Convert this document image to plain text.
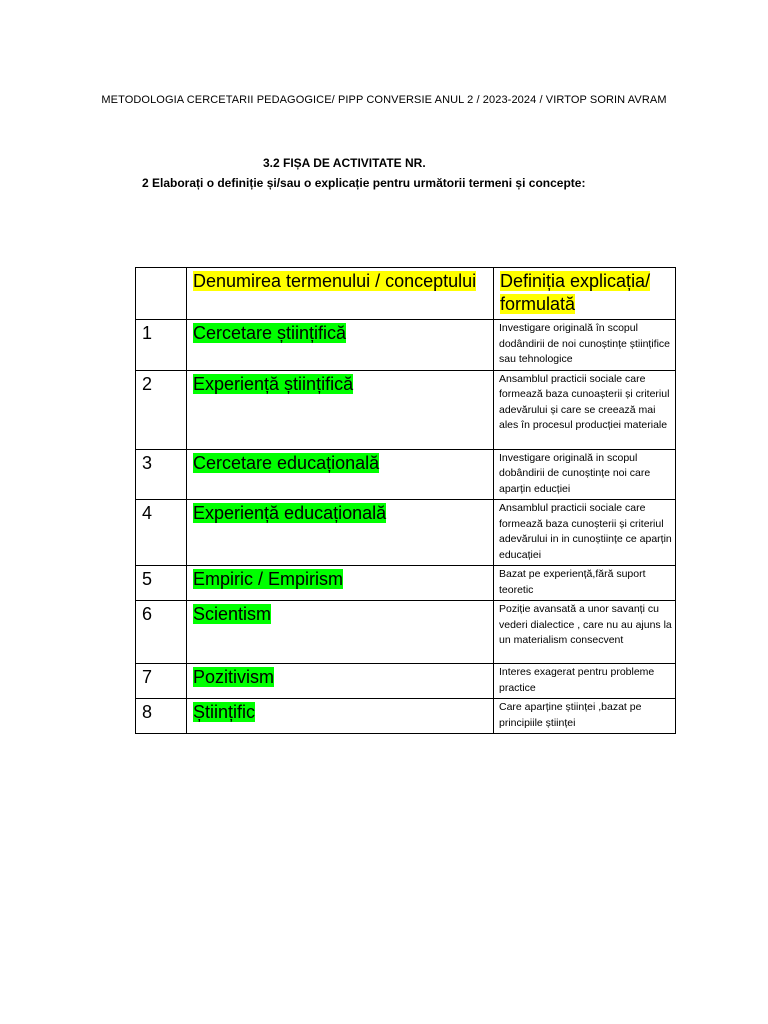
METODOLOGIA CERCETARII PEDAGOGICE/ PIPP CONVERSIE ANUL 2 / 2023-2024 / VIRTOP SORIN AVRAM
3.2 FIȘA DE ACTIVITATE NR.
2 Elaborați o definiție și/sau o explicație pentru următorii termeni și concepte:
	Denumirea termenului / conceptului	Definiția explicația/ formulată
1	Cercetare științifică	Investigare originală în scopul dodândirii de noi cunoștințe științifice sau tehnologice
2	Experiență științifică	Ansamblul practicii sociale care formează baza cunoașterii și criteriul adevărului și care se creează mai ales în procesul producției materiale
3	Cercetare educațională	Investigare originală in scopul dobândirii de cunoștințe noi care aparțin educției
4	Experiență educațională	Ansamblul practicii sociale care formează baza cunoșterii și criteriul adevărului in in cunoștiințe ce aparțin educației
5	Empiric / Empirism	Bazat pe experiență,fără suport teoretic
6	Scientism	Poziție avansată a unor savanți cu vederi dialectice , care nu au ajuns la un materialism consecvent
7	Pozitivism	Interes exagerat pentru probleme practice
8	Științific	Care aparține științei ,bazat pe principiile științei
